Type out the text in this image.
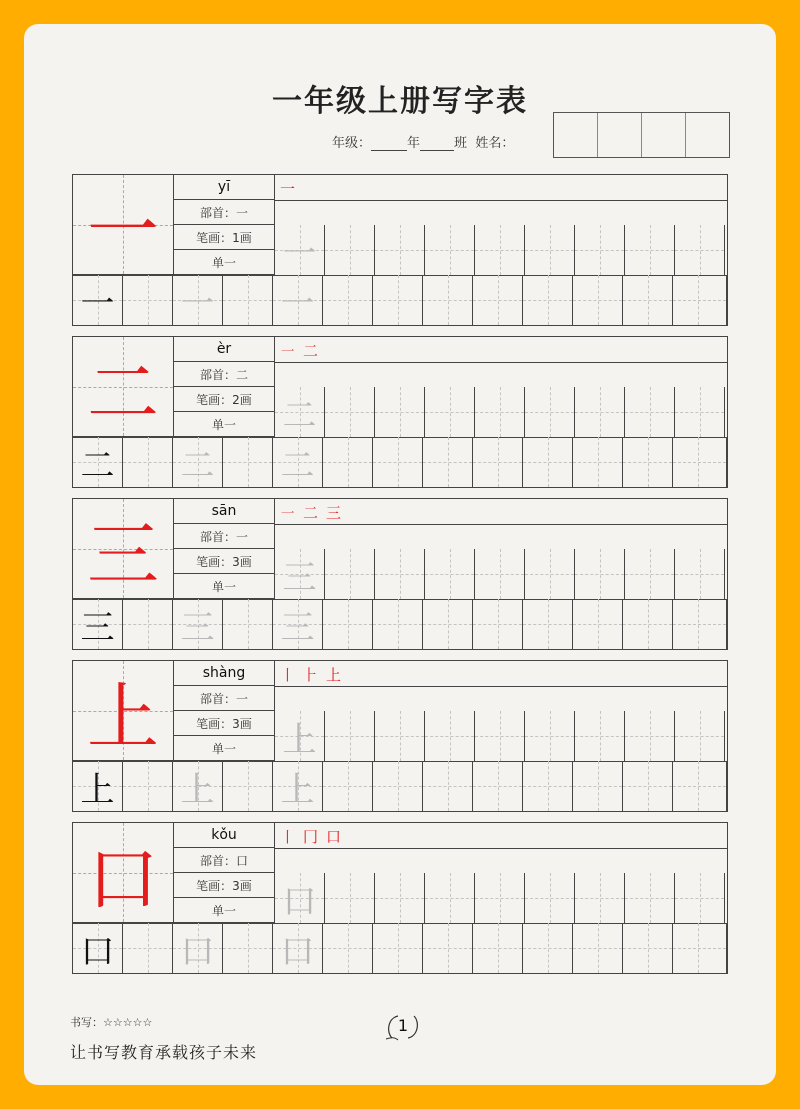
一年级上册写字表
年级：	年	班 姓名：
一
yī
部首：一
笔画：1画
单一
一
一
一 一 一
二
èr
部首：二
笔画：2画
单一
㇐ 二
二
二 二 二
三
sān
部首：一
笔画：3画
单一
㇐ 二 三
三
三 三 三
上
shàng
部首：一
笔画：3画
单一
丨 ⺊ 上
上
上 上 上
口
kǒu
部首：口
笔画：3画
单一
丨 冂 口
口
口 口 口
书写：☆☆☆☆☆
让书写教育承载孩子未来
1
